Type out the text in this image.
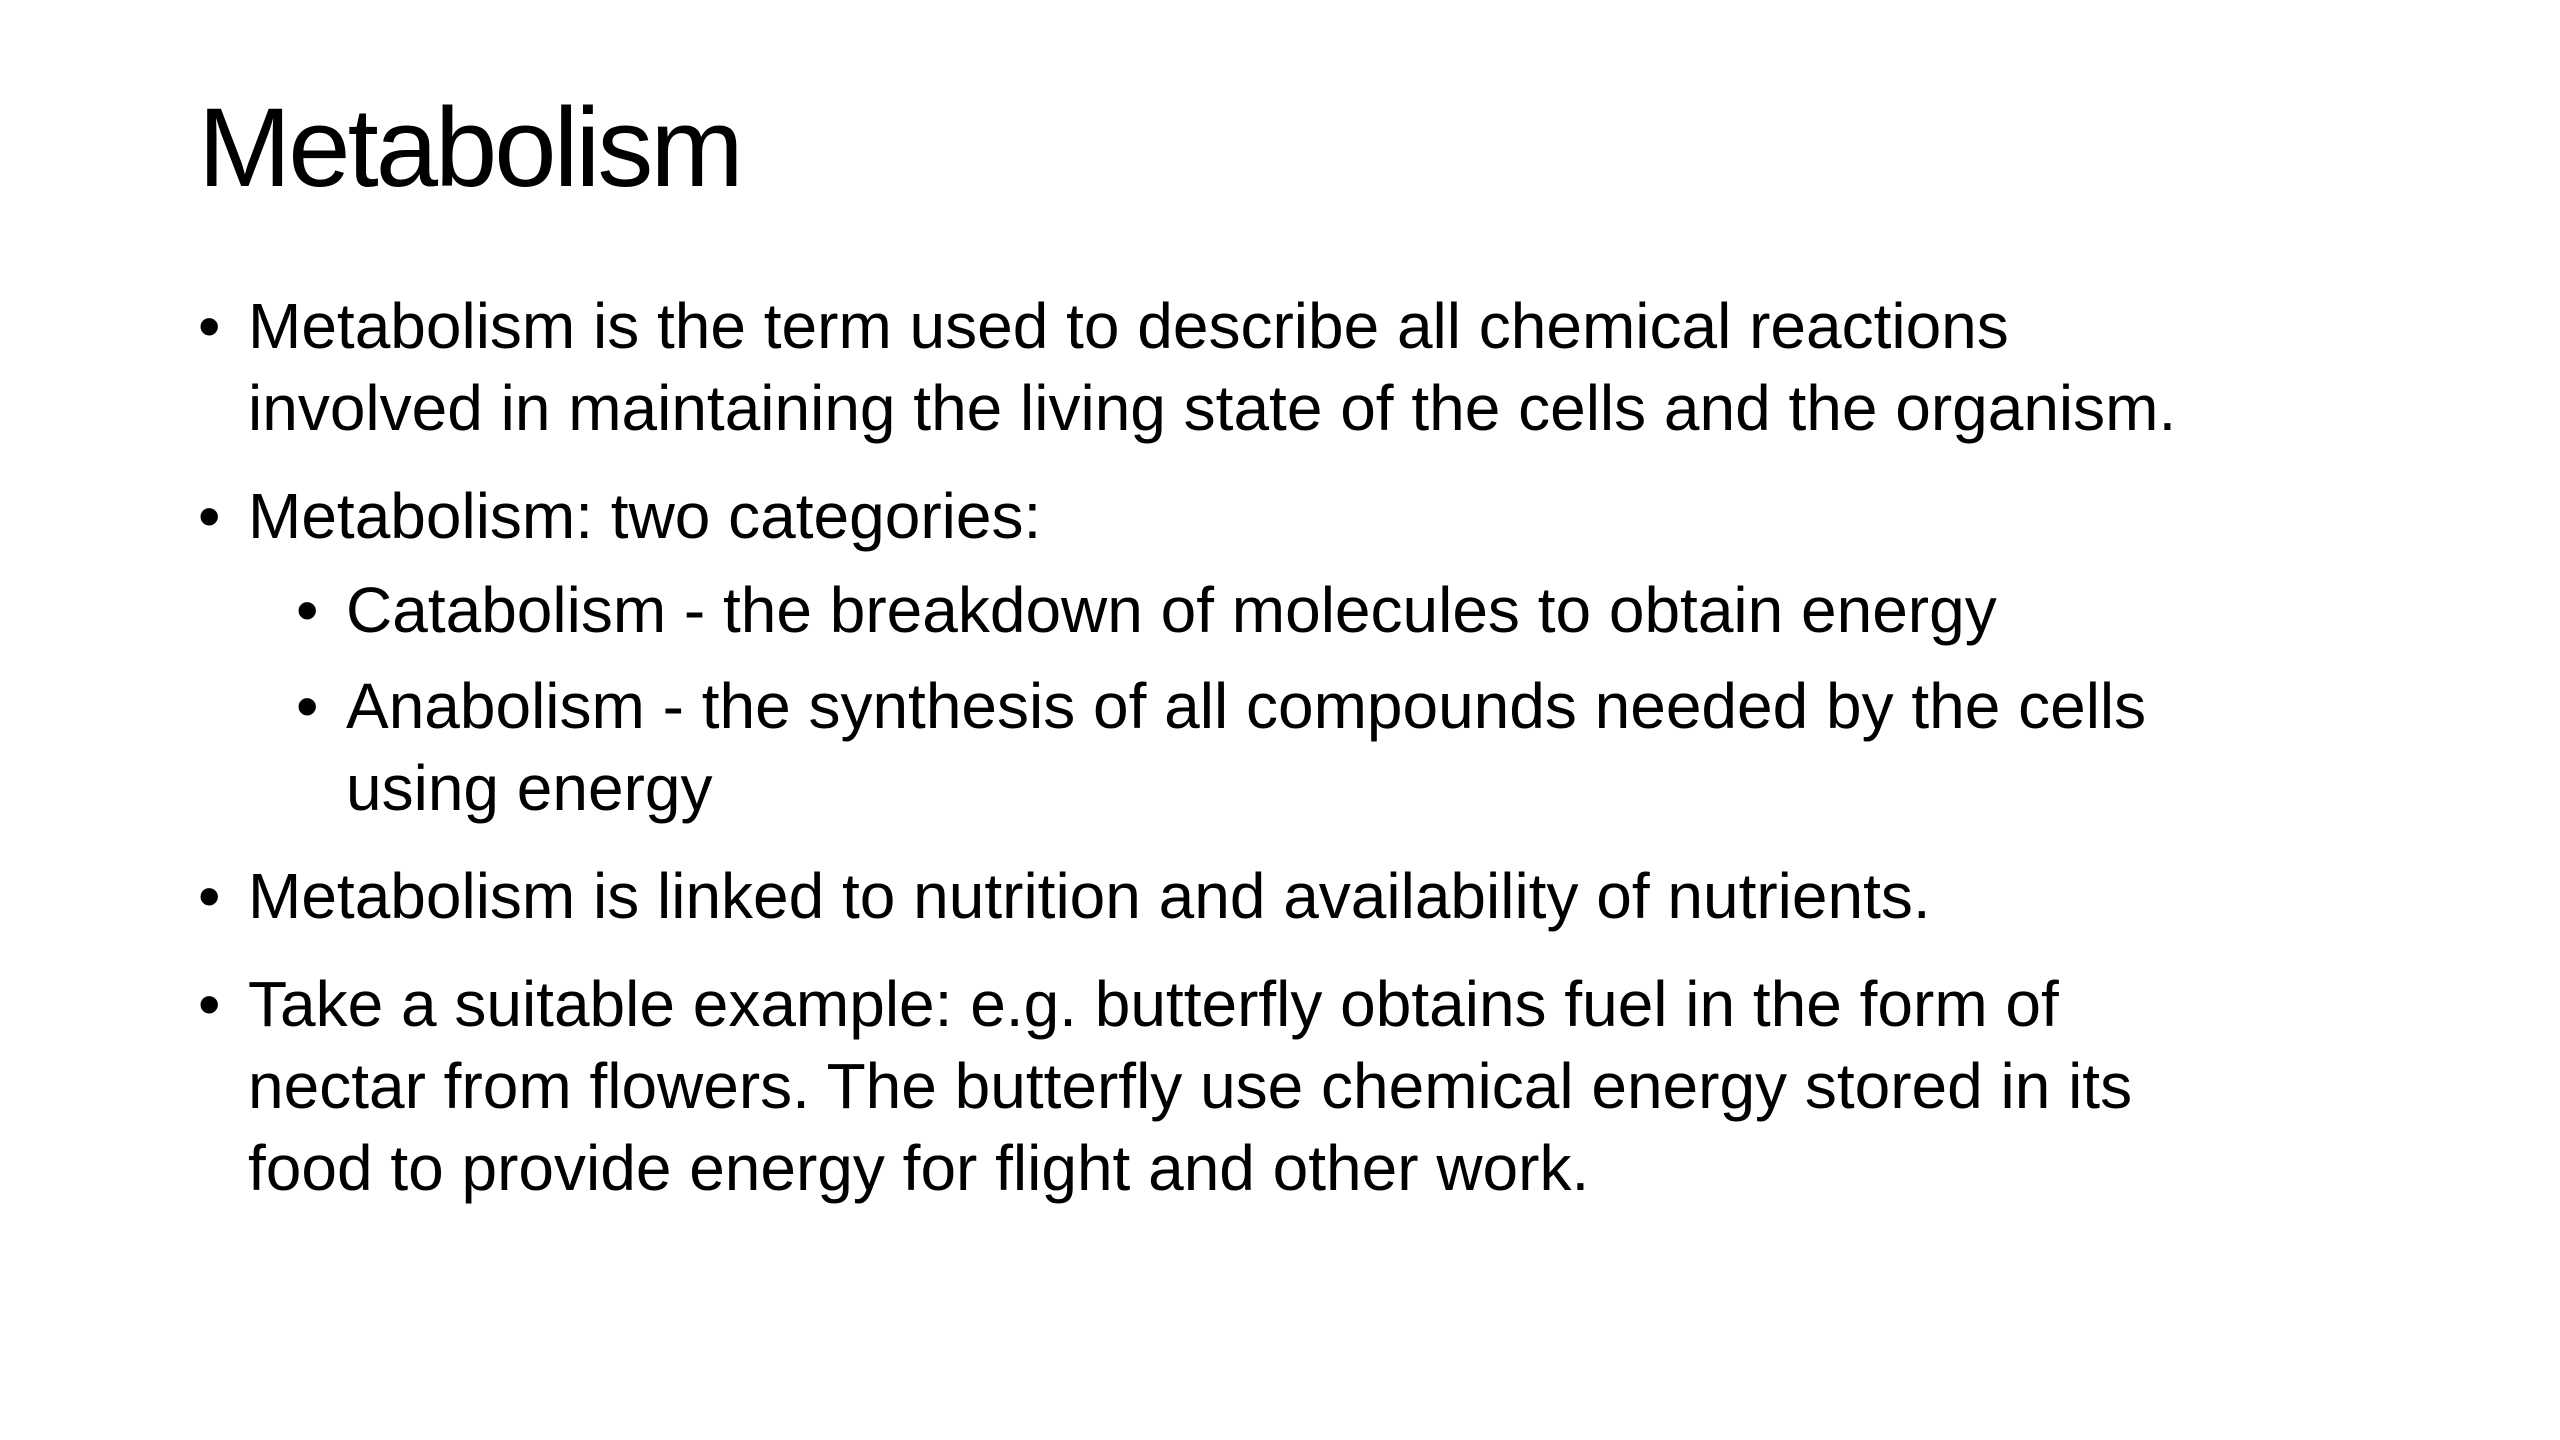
Metabolism
• Metabolism is the term used to describe all chemical reactions
involved in maintaining the living state of the cells and the organism.
• Metabolism: two categories:
• Catabolism - the breakdown of molecules to obtain energy
• Anabolism - the synthesis of all compounds needed by the cells
using energy
• Metabolism is linked to nutrition and availability of nutrients.
• Take a suitable example: e.g. butterfly obtains fuel in the form of
nectar from flowers. The butterfly use chemical energy stored in its
food to provide energy for flight and other work.
